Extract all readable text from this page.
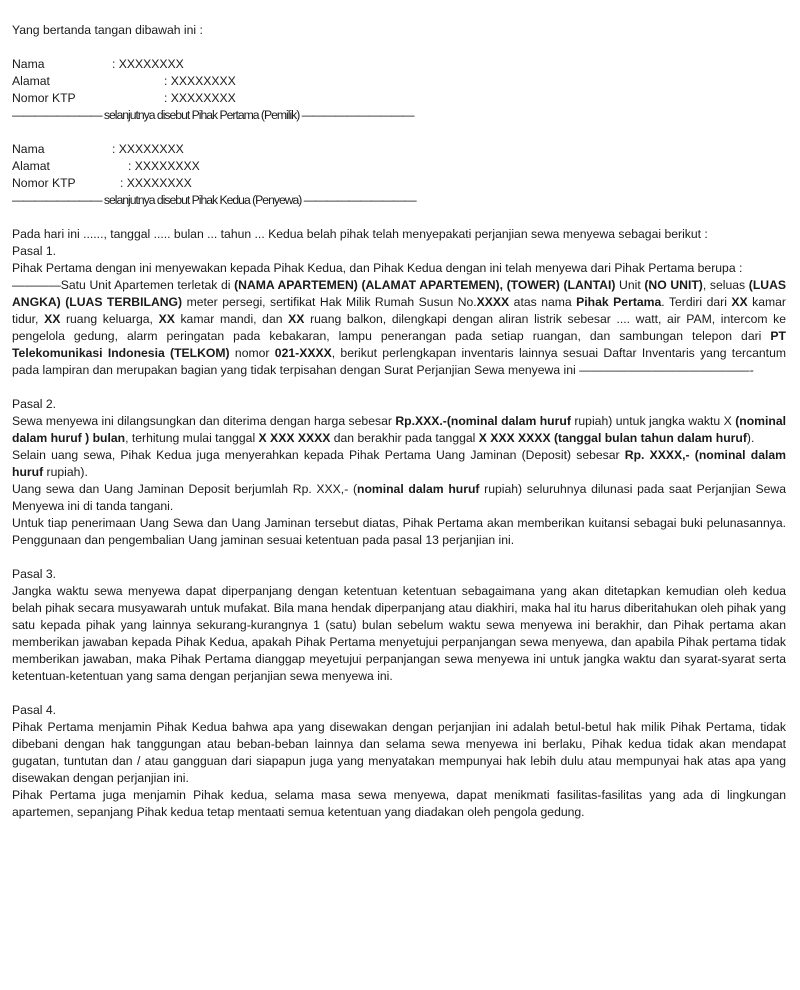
Yang bertanda tangan dibawah ini :

Nama	: XXXXXXXX
Alamat	: XXXXXXXX
Nomor KTP	: XXXXXXXX

———————— selanjutnya disebut Pihak Pertama (Pemilik) ——————————

Nama	: XXXXXXXX
Alamat	: XXXXXXXX
Nomor KTP	: XXXXXXXX

———————— selanjutnya disebut Pihak Kedua (Penyewa) ——————————

Pada hari ini ......, tanggal ..... bulan ... tahun ... Kedua belah pihak telah menyepakati perjanjian sewa menyewa sebagai berikut :

Pasal 1.

Pihak Pertama dengan ini menyewakan kepada Pihak Kedua, dan Pihak Kedua dengan ini telah menyewa dari Pihak Pertama berupa :

————Satu Unit Apartemen terletak di (NAMA APARTEMEN) (ALAMAT APARTEMEN), (TOWER) (LANTAI) Unit (NO UNIT), seluas (LUAS ANGKA) (LUAS TERBILANG) meter persegi, sertifikat Hak Milik Rumah Susun No.XXXX atas nama Pihak Pertama. Terdiri dari XX kamar tidur, XX ruang keluarga, XX kamar mandi, dan XX ruang balkon, dilengkapi dengan aliran listrik sebesar .... watt, air PAM, intercom ke pengelola gedung, alarm peringatan pada kebakaran, lampu penerangan pada setiap ruangan, dan sambungan telepon dari PT Telekomunikasi Indonesia (TELKOM) nomor 021-XXXX, berikut perlengkapan inventaris lainnya sesuai Daftar Inventaris yang tercantum pada lampiran dan merupakan bagian yang tidak terpisahan dengan Surat Perjanjian Sewa menyewa ini ——————————————-

Pasal 2.

Sewa menyewa ini dilangsungkan dan diterima dengan harga sebesar Rp.XXX.-(nominal dalam huruf rupiah) untuk jangka waktu X (nominal dalam huruf ) bulan, terhitung mulai tanggal X XXX XXXX dan berakhir pada tanggal X XXX XXXX (tanggal bulan tahun dalam huruf).

Selain uang sewa, Pihak Kedua juga menyerahkan kepada Pihak Pertama Uang Jaminan (Deposit) sebesar Rp. XXXX,- (nominal dalam huruf rupiah).

Uang sewa dan Uang Jaminan Deposit berjumlah Rp. XXX,- (nominal dalam huruf rupiah) seluruhnya dilunasi pada saat Perjanjian Sewa Menyewa ini di tanda tangani.

Untuk tiap penerimaan Uang Sewa dan Uang Jaminan tersebut diatas, Pihak Pertama akan memberikan kuitansi sebagai buki pelunasannya. Penggunaan dan pengembalian Uang jaminan sesuai ketentuan pada pasal 13 perjanjian ini.

Pasal 3.

Jangka waktu sewa menyewa dapat diperpanjang dengan ketentuan ketentuan sebagaimana yang akan ditetapkan kemudian oleh kedua belah pihak secara musyawarah untuk mufakat. Bila mana hendak diperpanjang atau diakhiri, maka hal itu harus diberitahukan oleh pihak yang satu kepada pihak yang lainnya sekurang-kurangnya 1 (satu) bulan sebelum waktu sewa menyewa ini berakhir, dan Pihak pertama akan memberikan jawaban kepada Pihak Kedua, apakah Pihak Pertama menyetujui perpanjangan sewa menyewa, dan apabila Pihak pertama tidak memberikan jawaban, maka Pihak Pertama dianggap meyetujui perpanjangan sewa menyewa ini untuk jangka waktu dan syarat-syarat serta ketentuan-ketentuan yang sama dengan perjanjian sewa menyewa ini.

Pasal 4.

Pihak Pertama menjamin Pihak Kedua bahwa apa yang disewakan dengan perjanjian ini adalah betul-betul hak milik Pihak Pertama, tidak dibebani dengan hak tanggungan atau beban-beban lainnya dan selama sewa menyewa ini berlaku, Pihak kedua tidak akan mendapat gugatan, tuntutan dan / atau gangguan dari siapapun juga yang menyatakan mempunyai hak lebih dulu atau mempunyai hak atas apa yang disewakan dengan perjanjian ini.

Pihak Pertama juga menjamin Pihak kedua, selama masa sewa menyewa, dapat menikmati fasilitas-fasilitas yang ada di lingkungan apartemen, sepanjang Pihak kedua tetap mentaati semua ketentuan yang diadakan oleh pengola gedung.
